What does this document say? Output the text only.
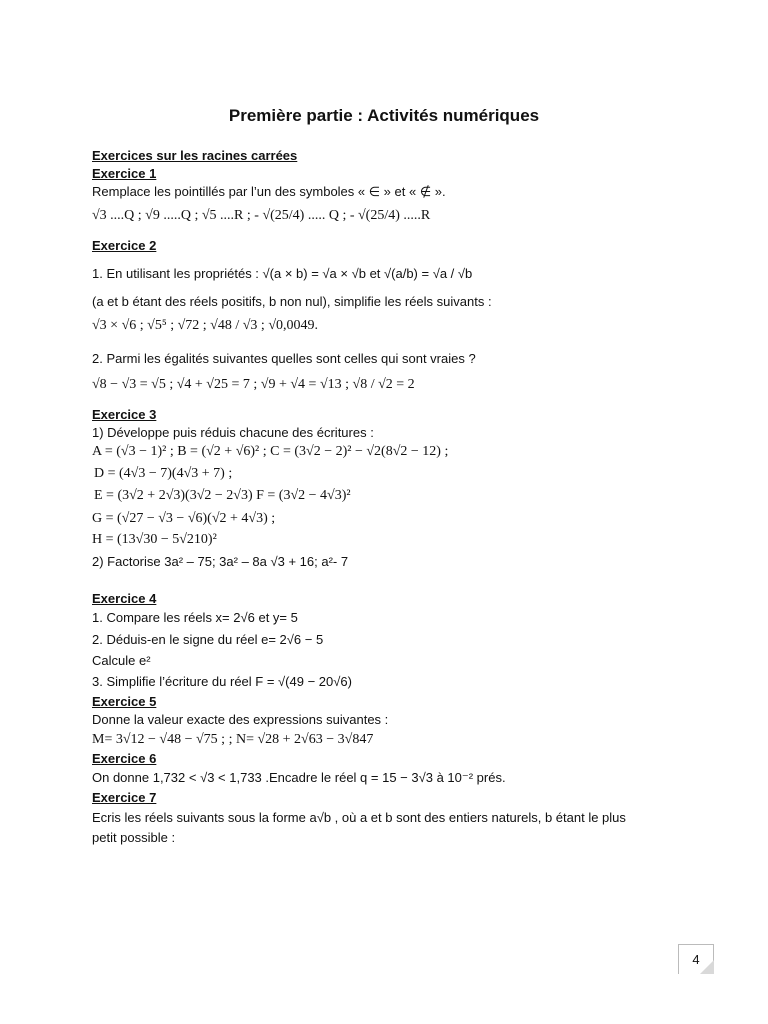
Première partie : Activités numériques
Exercices sur les racines carrées
Exercice 1
Remplace les pointillés par l’un des symboles « ∈ » et « ∉ ».
√3 ....Q ; √9 .....Q ; √5 ....R ; - √(25/4) ..... Q ; - √(25/4) .....R
Exercice 2
1. En utilisant les propriétés : √(a × b) = √a × √b et √(a/b) = √a / √b
(a et b étant des réels positifs, b non nul), simplifie les réels suivants :
√3 × √6 ; √5⁵ ; √72 ; √48 / √3 ; √0,0049.
2. Parmi les égalités suivantes quelles sont celles qui sont vraies ?
√8 − √3 = √5 ; √4 + √25 = 7 ; √9 + √4 = √13 ; √8 / √2 = 2
Exercice 3
1) Développe puis réduis chacune des écritures :
A = (√3 − 1)² ; B = (√2 + √6)² ; C = (3√2 − 2)² − √2(8√2 − 12) ;
D = (4√3 − 7)(4√3 + 7) ;
E = (3√2 + 2√3)(3√2 − 2√3) F = (3√2 − 4√3)²
G = (√27 − √3 − √6)(√2 + 4√3) ;
H = (13√30 − 5√210)²
2) Factorise 3a² – 75; 3a² – 8a √3 + 16; a²- 7
Exercice 4
1. Compare les réels x= 2√6 et y= 5
2. Déduis-en le signe du réel e= 2√6 − 5
Calcule e²
3. Simplifie l’écriture du réel F = √(49 − 20√6)
Exercice 5
Donne la valeur exacte des expressions suivantes :
M= 3√12 − √48 − √75 ; ; N= √28 + 2√63 − 3√847
Exercice 6
On donne 1,732 < √3 < 1,733 .Encadre le réel q = 15 − 3√3 à 10⁻² prés.
Exercice 7
Ecris les réels suivants sous la forme a√b , où a et b sont des entiers naturels, b étant le plus
petit possible :
4
